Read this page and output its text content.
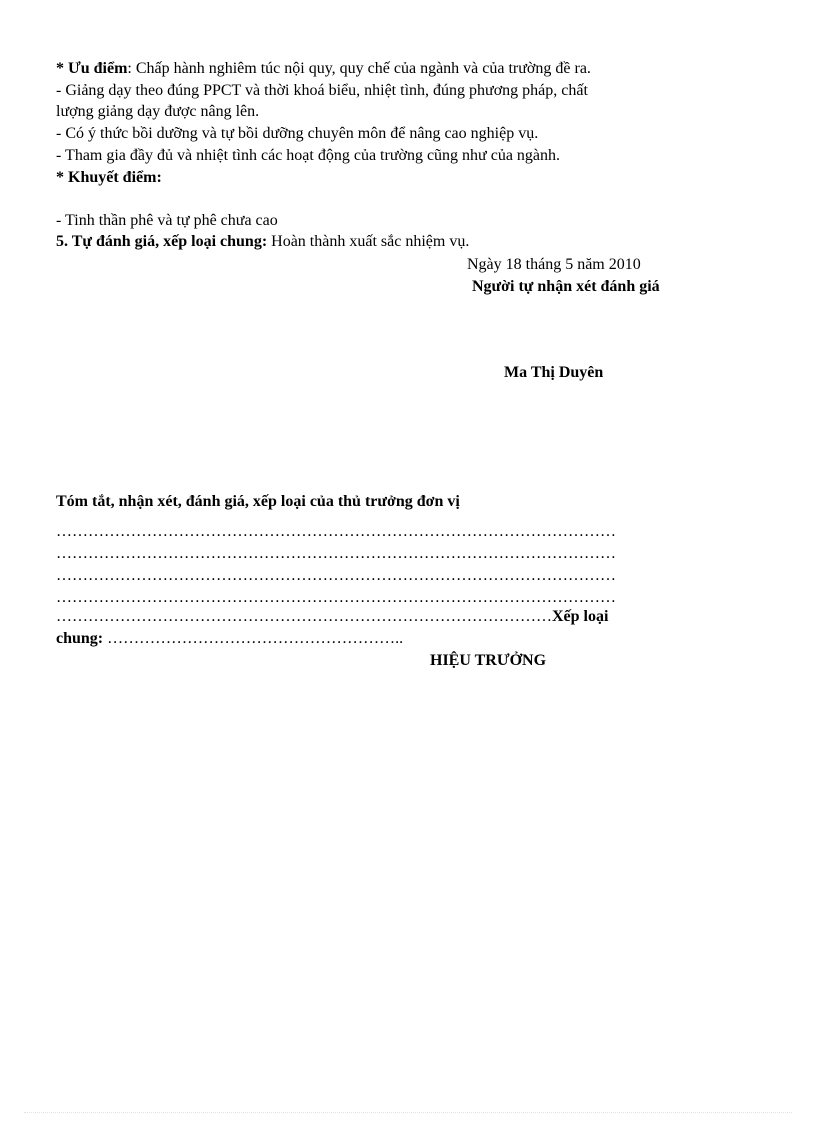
* Ưu điểm: Chấp hành nghiêm túc nội quy, quy chế của ngành và của trường đề ra.
- Giảng dạy theo đúng PPCT và thời khoá biểu, nhiệt tình, đúng phương pháp, chất
lượng giảng dạy được nâng lên.
- Có ý thức bồi dưỡng và tự bồi dưỡng chuyên môn để nâng cao nghiệp vụ.
- Tham gia đầy đủ và nhiệt tình các hoạt động của trường cũng như của ngành.
* Khuyết điểm:
- Tinh thần phê và tự phê chưa cao
5. Tự đánh giá, xếp loại chung: Hoàn thành xuất sắc nhiệm vụ.
Ngày 18 tháng 5 năm 2010
Người tự nhận xét đánh giá
Ma Thị Duyên
Tóm tắt, nhận xét, đánh giá, xếp loại của thủ trưởng đơn vị
……………………………………………………………………………………………
……………………………………………………………………………………………
……………………………………………………………………………………………
……………………………………………………………………………………………
…………………………………………………………………………………Xếp loại
chung: ………………………………………………..
HIỆU TRƯỞNG
